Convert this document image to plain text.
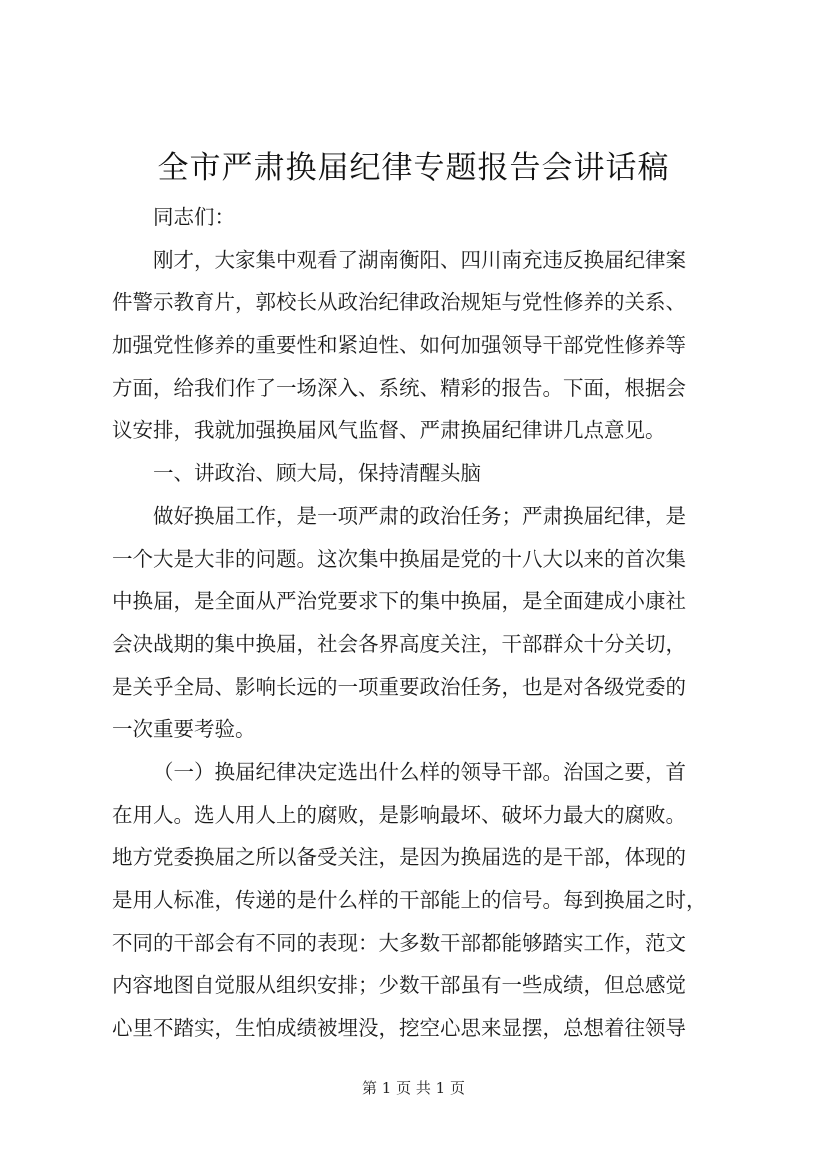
全市严肃换届纪律专题报告会讲话稿
同志们：
刚才，大家集中观看了湖南衡阳、四川南充违反换届纪律案
件警示教育片，郭校长从政治纪律政治规矩与党性修养的关系、
加强党性修养的重要性和紧迫性、如何加强领导干部党性修养等
方面，给我们作了一场深入、系统、精彩的报告。下面，根据会
议安排，我就加强换届风气监督、严肃换届纪律讲几点意见。
一、讲政治、顾大局，保持清醒头脑
做好换届工作，是一项严肃的政治任务；严肃换届纪律，是
一个大是大非的问题。这次集中换届是党的十八大以来的首次集
中换届，是全面从严治党要求下的集中换届，是全面建成小康社
会决战期的集中换届，社会各界高度关注，干部群众十分关切，
是关乎全局、影响长远的一项重要政治任务，也是对各级党委的
一次重要考验。
（一）换届纪律决定选出什么样的领导干部。治国之要，首
在用人。选人用人上的腐败，是影响最坏、破坏力最大的腐败。
地方党委换届之所以备受关注，是因为换届选的是干部，体现的
是用人标准，传递的是什么样的干部能上的信号。每到换届之时，
不同的干部会有不同的表现：大多数干部都能够踏实工作，范文
内容地图自觉服从组织安排；少数干部虽有一些成绩，但总感觉
心里不踏实，生怕成绩被埋没，挖空心思来显摆，总想着往领导
第 1 页 共 1 页
